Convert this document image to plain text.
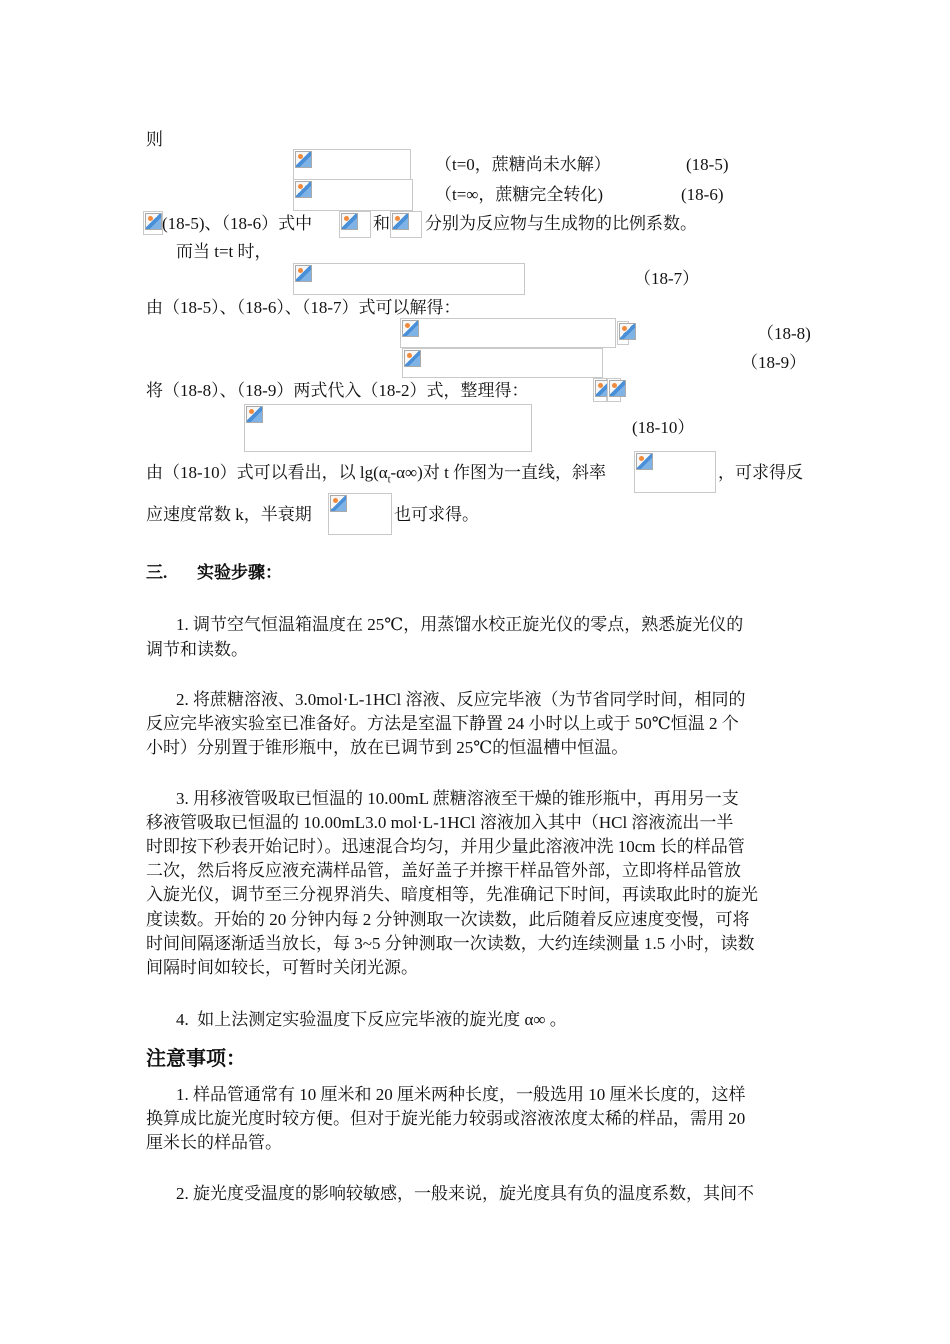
则
（t=0，蔗糖尚未水解）	(18-5)
（t=∞，蔗糖完全转化)	(18-6)
(18-5)、（18-6）式中	和 分别为反应物与生成物的比例系数。
而当 t=t 时，
（18-7）
由（18-5）、（18-6）、（18-7）式可以解得：
（18-8)
（18-9）
将（18-8）、（18-9）两式代入（18-2）式，整理得：
(18-10）
由（18-10）式可以看出，以 $\lg(\alpha_t-\alpha\infty)$对 t 作图为一直线，斜率	，可求得反
应速度常数 k，半衰期	也可求得。
三.       实验步骤：
1. 调节空气恒温箱温度在 25℃，用蒸馏水校正旋光仪的零点，熟悉旋光仪的
调节和读数。
2. 将蔗糖溶液、3.0mol·L-1HCl 溶液、反应完毕液（为节省同学时间，相同的
反应完毕液实验室已准备好。方法是室温下静置 24 小时以上或于 50℃恒温 2 个
小时）分别置于锥形瓶中，放在已调节到 25℃的恒温槽中恒温。
3. 用移液管吸取已恒温的 10.00mL 蔗糖溶液至干燥的锥形瓶中，再用另一支
移液管吸取已恒温的 10.00mL3.0 mol·L-1HCl 溶液加入其中（HCl 溶液流出一半
时即按下秒表开始记时）。迅速混合均匀，并用少量此溶液冲洗 10cm 长的样品管
二次，然后将反应液充满样品管，盖好盖子并擦干样品管外部，立即将样品管放
入旋光仪，调节至三分视界消失、暗度相等，先准确记下时间，再读取此时的旋光
度读数。开始的 20 分钟内每 2 分钟测取一次读数，此后随着反应速度变慢，可将
时间间隔逐渐适当放长，每 3~5 分钟测取一次读数，大约连续测量 1.5 小时，读数
间隔时间如较长，可暂时关闭光源。
4.  如上法测定实验温度下反应完毕液的旋光度 α∞ 。
注意事项：
1. 样品管通常有 10 厘米和 20 厘米两种长度，一般选用 10 厘米长度的，这样
换算成比旋光度时较方便。但对于旋光能力较弱或溶液浓度太稀的样品，需用 20
厘米长的样品管。
2. 旋光度受温度的影响较敏感，一般来说，旋光度具有负的温度系数，其间不
